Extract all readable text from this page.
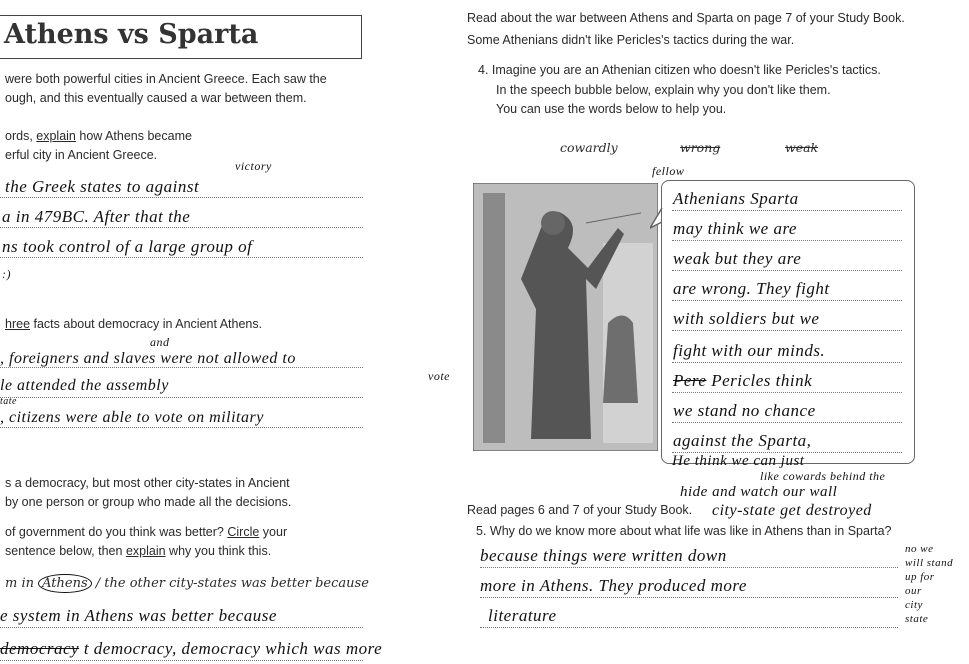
Athens vs Sparta
were both powerful cities in Ancient Greece. Each saw the
ough, and this eventually caused a war between them.
ords, explain how Athens became
erful city in Ancient Greece.
victory
the Greek states to against
a in 479BC. After that the
ns took control of a large group of
:)
hree facts about democracy in Ancient Athens.
and
, foreigners and slaves were not allowed to
vote
le attended the assembly
tate
, citizens were able to vote on military
s a democracy, but most other city-states in Ancient
by one person or group who made all the decisions.
of government do you think was better? Circle your
sentence below, then explain why you think this.
m in Athens / the other city-states was better because
e system in Athens was better because
democracy t democracy, democracy which was more
Read about the war between Athens and Sparta on page 7 of your Study Book.
Some Athenians didn't like Pericles's tactics during the war.
4. Imagine you are an Athenian citizen who doesn't like Pericles's tactics.
In the speech bubble below, explain why you don't like them.
You can use the words below to help you.
cowardly	wrong	weak
fellow
Athenians Sparta
may think we are
weak but they are
are wrong. They fight
with soldiers but we
fight with our minds.
Pere Pericles think
we stand no chance
against the Sparta,
He think we can just
like cowards behind the
hide and watch our wall
Read pages 6 and 7 of your Study Book. city-state get destroyed
5. Why do we know more about what life was like in Athens than in Sparta?
no we
will stand
up for
our
city
state
because things were written down
more in Athens. They produced more
literature
